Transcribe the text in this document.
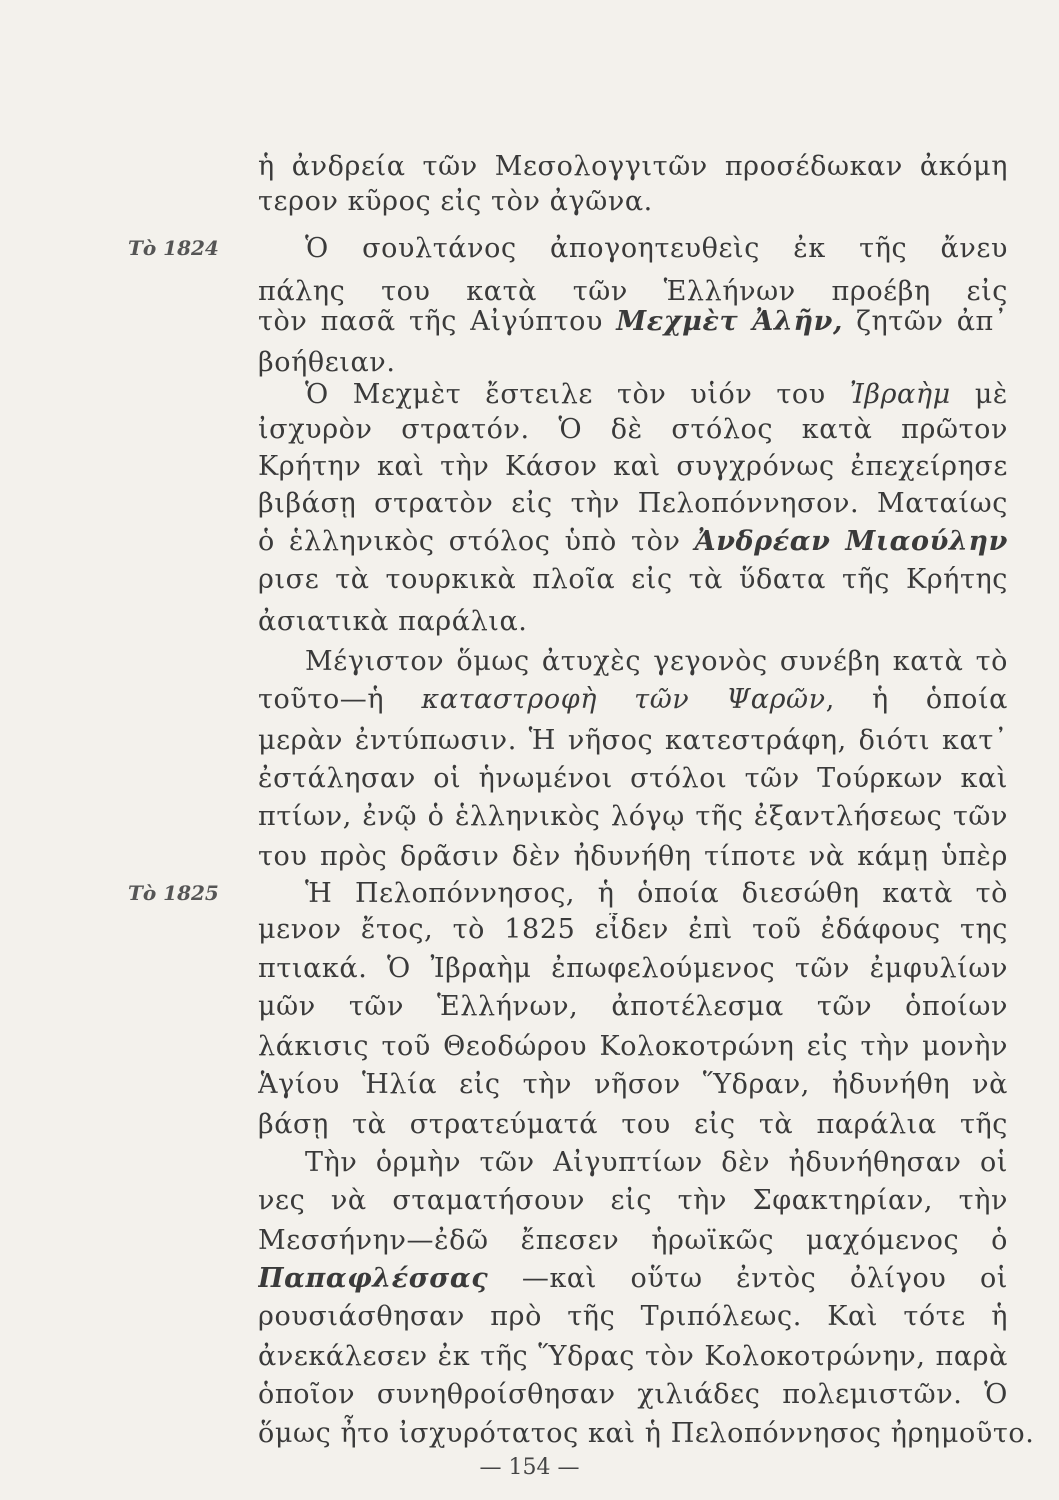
Τὸ 1824
Τὸ 1825
ἡ ἀνδρεία τῶν Μεσολογγιτῶν προσέδωκαν ἀκόμη
τερον κῦρος εἰς τὸν ἀγῶνα.
Ὁ σουλτάνος ἀπογοητευθεὶς ἐκ τῆς ἄνευ
πάλης του κατὰ τῶν Ἑλλήνων προέβη εἰς
τὸν πασᾶ τῆς Αἰγύπτου Μεχμὲτ Ἀλῆν, ζητῶν ἀπ᾽
βοήθειαν.
Ὁ Μεχμὲτ ἔστειλε τὸν υἱόν του Ἰβραὴμ μὲ
ἰσχυρὸν στρατόν. Ὁ δὲ στόλος κατὰ πρῶτον
Κρήτην καὶ τὴν Κάσον καὶ συγχρόνως ἐπεχείρησε
βιβάσῃ στρατὸν εἰς τὴν Πελοπόννησον. Ματαίως
ὁ ἑλληνικὸς στόλος ὑπὸ τὸν Ἀνδρέαν Μιαούλην
ρισε τὰ τουρκικὰ πλοῖα εἰς τὰ ὕδατα τῆς Κρήτης
ἀσιατικὰ παράλια.
Μέγιστον ὅμως ἀτυχὲς γεγονὸς συνέβη κατὰ τὸ
τοῦτο—ἡ καταστροφὴ τῶν Ψαρῶν, ἡ ὁποία
μερὰν ἐντύπωσιν. Ἡ νῆσος κατεστράφη, διότι κατ᾽
ἐστάλησαν οἱ ἡνωμένοι στόλοι τῶν Τούρκων καὶ
πτίων, ἐνῷ ὁ ἑλληνικὸς λόγῳ τῆς ἐξαντλήσεως τῶν
του πρὸς δρᾶσιν δὲν ἠδυνήθη τίποτε νὰ κάμῃ ὑπὲρ
Ἡ Πελοπόννησος, ἡ ὁποία διεσώθη κατὰ τὸ
μενον ἔτος, τὸ 1825 εἶδεν ἐπὶ τοῦ ἐδάφους της
πτιακά. Ὁ Ἰβραὴμ ἐπωφελούμενος τῶν ἐμφυλίων
μῶν τῶν Ἑλλήνων, ἀποτέλεσμα τῶν ὁποίων
λάκισις τοῦ Θεοδώρου Κολοκοτρώνη εἰς τὴν μονὴν
Ἁγίου Ἡλία εἰς τὴν νῆσον Ὕδραν, ἠδυνήθη νὰ
βάσῃ τὰ στρατεύματά του εἰς τὰ παράλια τῆς
Τὴν ὁρμὴν τῶν Αἰγυπτίων δὲν ἠδυνήθησαν οἱ
νες νὰ σταματήσουν εἰς τὴν Σφακτηρίαν, τὴν
Μεσσήνην—ἐδῶ ἔπεσεν ἡρωϊκῶς μαχόμενος ὁ
Παπαφλέσσας —καὶ οὕτω ἐντὸς ὀλίγου οἱ
ρουσιάσθησαν πρὸ τῆς Τριπόλεως. Καὶ τότε ἡ
ἀνεκάλεσεν ἐκ τῆς Ὕδρας τὸν Κολοκοτρώνην, παρὰ
ὁποῖον συνηθροίσθησαν χιλιάδες πολεμιστῶν. Ὁ
ὅμως ἦτο ἰσχυρότατος καὶ ἡ Πελοπόννησος ἠρημοῦτο.
— 154 —
